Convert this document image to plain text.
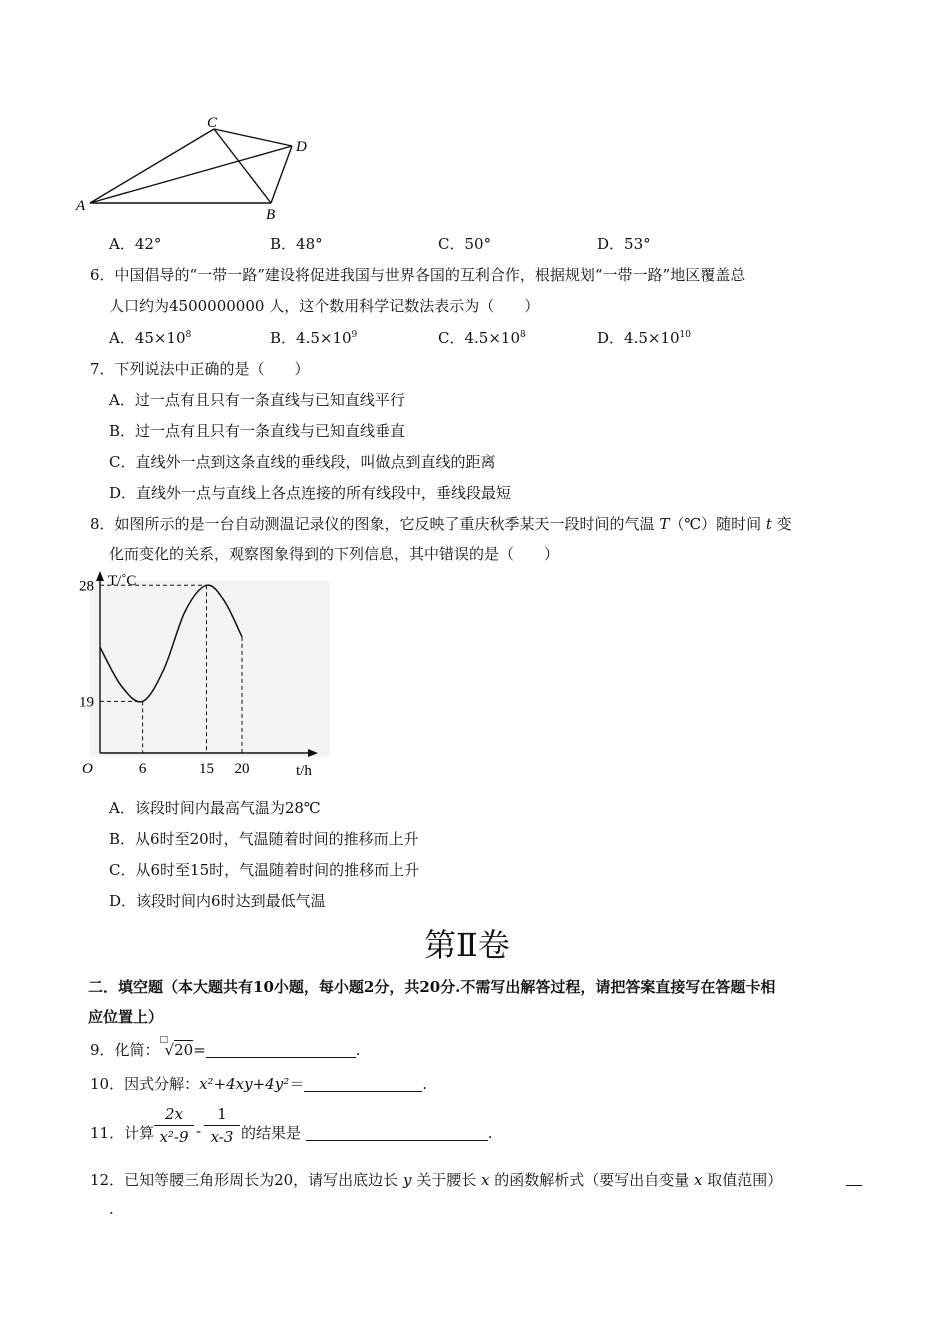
A
B
C
D
A．42°	B．48°	C．50°	D．53°
6．中国倡导的“一带一路”建设将促进我国与世界各国的互利合作，根据规划“一带一路”地区覆盖总
人口约为4500000000 人，这个数用科学记数法表示为（　　）
A．$45\times 10^8$	B．$4.5\times 10^9$	C．$4.5\times 10^8$	D．$4.5\times 10^{10}$
7．下列说法中正确的是（　　）
A．过一点有且只有一条直线与已知直线平行
B．过一点有且只有一条直线与已知直线垂直
C．直线外一点到这条直线的垂线段，叫做点到直线的距离
D．直线外一点与直线上各点连接的所有线段中，垂线段最短
8．如图所示的是一台自动测温记录仪的图象，它反映了重庆秋季某天一段时间的气温 T（℃）随时间 t 变
化而变化的关系，观察图象得到的下列信息，其中错误的是（　　）
6	15 20
19
28
O
T/˚C
t/h
A．该段时间内最高气温为28℃
B．从6时至20时，气温随着时间的推移而上升
C．从6时至15时，气温随着时间的推移而上升
D．该段时间内6时达到最低气温
第Ⅱ卷
二．填空题（本大题共有10小题，每小题2分，共20分.不需写出解答过程，请把答案直接写在答题卡相
应位置上）
9．化简：
□
√20=	.
10．因式分解：x²+4xy+4y²＝	.
11．计算
2x
x²-9 -
1
x-3 的结果是	.
12．已知等腰三角形周长为20，请写出底边长 y 关于腰长 x 的函数解析式（要写出自变量 x 取值范围）
.
